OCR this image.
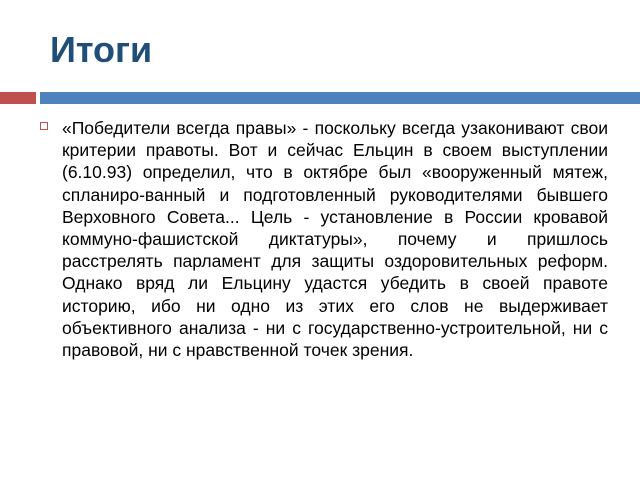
Итоги

«Победители всегда правы» - поскольку всегда узаконивают свои критерии правоты. Вот и сейчас Ельцин в своем выступлении (6.10.93) определил, что в октябре был «вооруженный мятеж, спланиро-ванный и подготовленный руководителями бывшего Верховного Совета... Цель - установление в России кровавой коммуно-фашистской диктатуры», почему и пришлось расстрелять парламент для защиты оздоровительных реформ. Однако вряд ли Ельцину удастся убедить в своей правоте историю, ибо ни одно из этих его слов не выдерживает объективного анализа - ни с государственно-устроительной, ни с правовой, ни с нравственной точек зрения.
